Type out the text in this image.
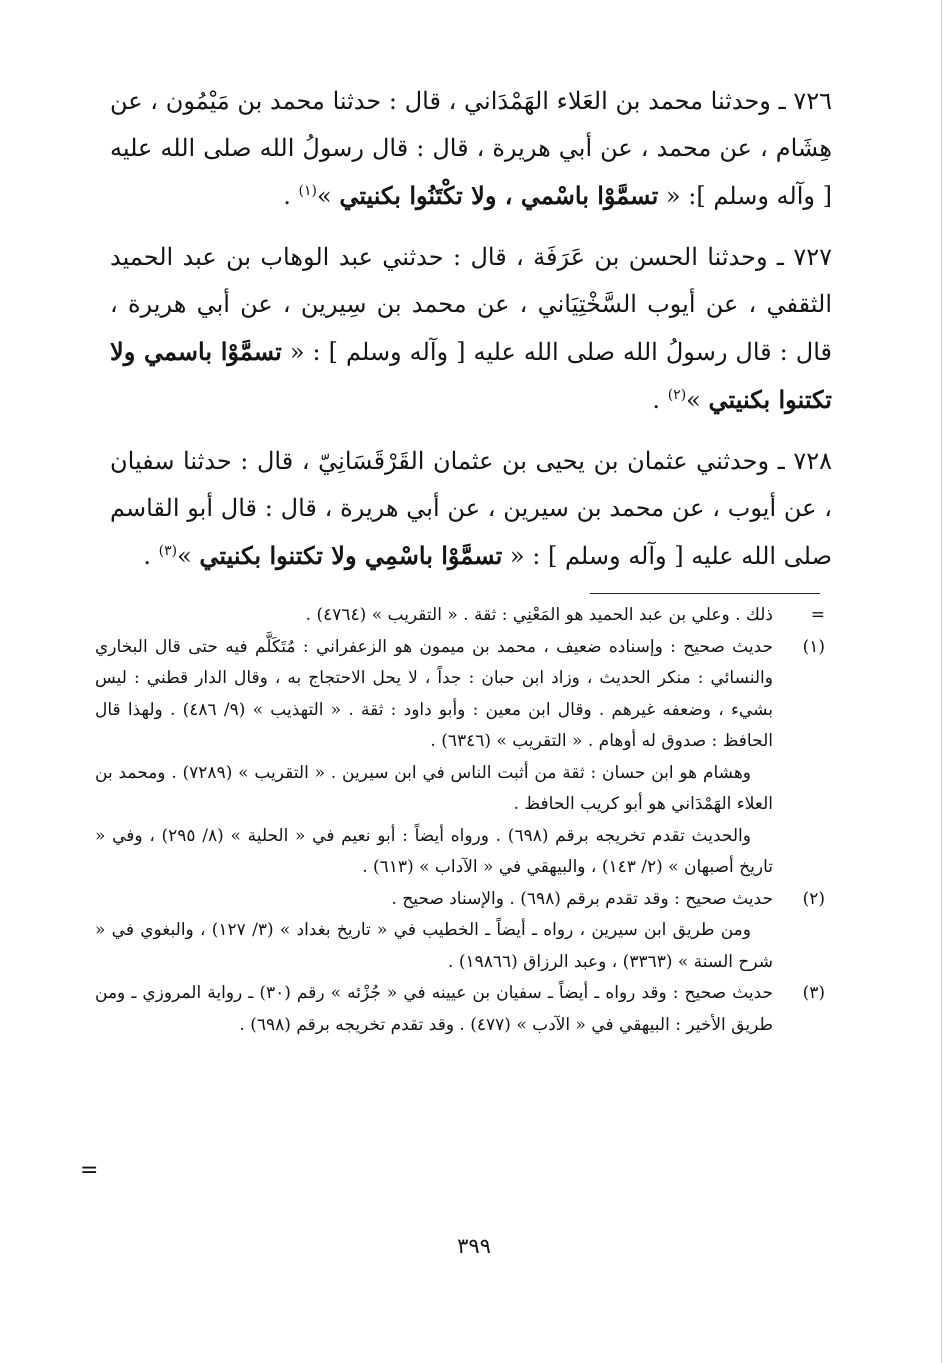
٧٢٦ ـ وحدثنا محمد بن العَلاء الهَمْدَاني ، قال : حدثنا محمد بن مَيْمُون ، عن هِشَام ، عن محمد ، عن أبي هريرة ، قال : قال رسولُ الله صلى الله عليه [ وآله وسلم ]: « تسمَّوْا باسْمي ، ولا تكْتَنُوا بكنيتي »$^{(١)}$ .

٧٢٧ ـ وحدثنا الحسن بن عَرَفَة ، قال : حدثني عبد الوهاب بن عبد الحميد الثقفي ، عن أيوب السَّخْتِيَاني ، عن محمد بن سِيرين ، عن أبي هريرة ، قال : قال رسولُ الله صلى الله عليه [ وآله وسلم ] : « تسمَّوْا باسمي ولا تكتنوا بكنيتي »$^{(٢)}$ .

٧٢٨ ـ وحدثني عثمان بن يحيى بن عثمان القَرْقَسَانِيّ ، قال : حدثنا سفيان ، عن أيوب ، عن محمد بن سيرين ، عن أبي هريرة ، قال : قال أبو القاسم صلى الله عليه [ وآله وسلم ] : « تسمَّوْا باسْمِي ولا تكتنوا بكنيتي »$^{(٣)}$ .

=

ذلك . وعلي بن عبد الحميد هو المَعْنِي : ثقة . « التقريب » (٤٧٦٤) .

(١)

حديث صحيح : وإسناده ضعيف ، محمد بن ميمون هو الزعفراني : مُتَكَلَّم فيه حتى قال البخاري والنسائي : منكر الحديث ، وزاد ابن حبان : جداً ، لا يحل الاحتجاج به ، وقال الدار قطني : ليس بشيء ، وضعفه غيرهم . وقال ابن معين : وأبو داود : ثقة . « التهذيب » (٩/ ٤٨٦) . ولهذا قال الحافظ : صدوق له أوهام . « التقريب » (٦٣٤٦) .

وهشام هو ابن حسان : ثقة من أثبت الناس في ابن سيرين . « التقريب » (٧٢٨٩) . ومحمد بن العلاء الهَمْدَاني هو أبو كريب الحافظ .

والحديث تقدم تخريجه برقم (٦٩٨) . ورواه أيضاً : أبو نعيم في « الحلية » (٨/ ٢٩٥) ، وفي « تاريخ أصبهان » (٢/ ١٤٣) ، والبيهقي في « الآداب » (٦١٣) .

(٢)

حديث صحيح : وقد تقدم برقم (٦٩٨) . والإسناد صحيح .

ومن طريق ابن سيرين ، رواه ـ أيضاً ـ الخطيب في « تاريخ بغداد » (٣/ ١٢٧) ، والبغوي في « شرح السنة » (٣٣٦٣) ، وعبد الرزاق (١٩٨٦٦) .

(٣)

حديث صحيح : وقد رواه ـ أيضاً ـ سفيان بن عيينه في « جُزْئه » رقم (٣٠) ـ رواية المروزي ـ ومن طريق الأخير : البيهقي في « الآدب » (٤٧٧) . وقد تقدم تخريجه برقم (٦٩٨) .

=
٣٩٩
